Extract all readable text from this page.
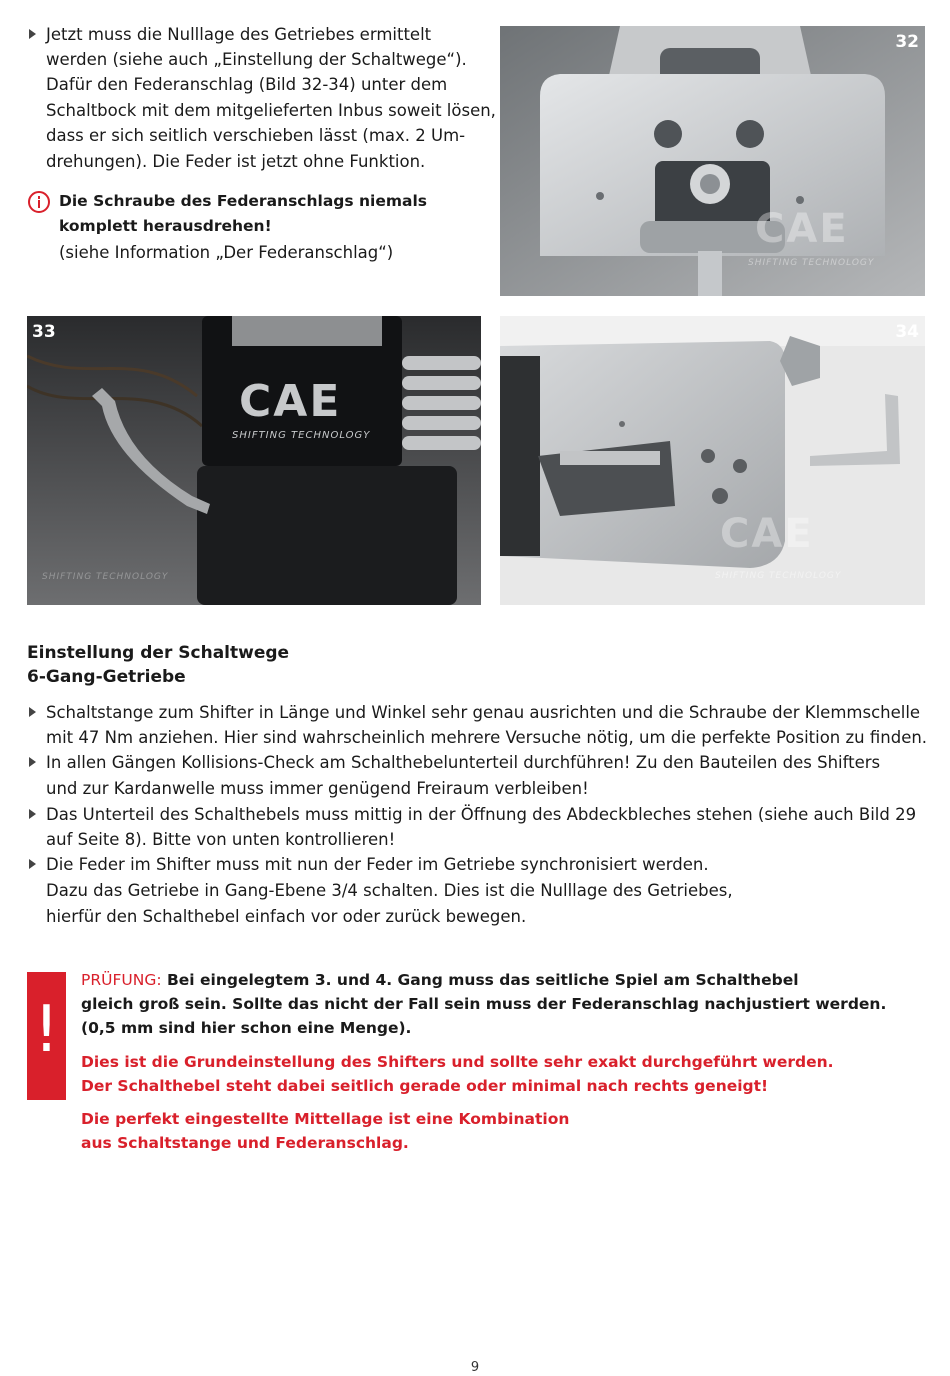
Jetzt muss die Nulllage des Getriebes ermittelt
werden (siehe auch „Einstellung der Schaltwege“).
Dafür den Federanschlag (Bild 32-34) unter dem
Schaltbock mit dem mitgelieferten Inbus soweit lösen,
dass er sich seitlich verschieben lässt (max. 2 Um-
drehungen). Die Feder ist jetzt ohne Funktion.
Die Schraube des Federanschlags niemals
komplett herausdrehen!
(siehe Information „Der Federanschlag“)
CAE
SHIFTING TECHNOLOGY
32
CAE
SHIFTING TECHNOLOGY
SHIFTING TECHNOLOGY
33
CAE
SHIFTING TECHNOLOGY
34
Einstellung der Schaltwege
6-Gang-Getriebe
Schaltstange zum Shifter in Länge und Winkel sehr genau ausrichten und die Schraube der Klemmschelle
mit 47 Nm anziehen. Hier sind wahrscheinlich mehrere Versuche nötig, um die perfekte Position zu finden.
In allen Gängen Kollisions-Check am Schalthebelunterteil durchführen! Zu den Bauteilen des Shifters
und zur Kardanwelle muss immer genügend Freiraum verbleiben!
Das Unterteil des Schalthebels muss mittig in der Öffnung des Abdeckbleches stehen (siehe auch Bild 29
auf Seite 8). Bitte von unten kontrollieren!
Die Feder im Shifter muss mit nun der Feder im Getriebe synchronisiert werden.
Dazu das Getriebe in Gang-Ebene 3/4 schalten. Dies ist die Nulllage des Getriebes,
hierfür den Schalthebel einfach vor oder zurück bewegen.
!
PRÜFUNG: Bei eingelegtem 3. und 4. Gang muss das seitliche Spiel am Schalthebel
gleich groß sein. Sollte das nicht der Fall sein muss der Federanschlag nachjustiert werden.
(0,5 mm sind hier schon eine Menge).
Dies ist die Grundeinstellung des Shifters und sollte sehr exakt durchgeführt werden.
Der Schalthebel steht dabei seitlich gerade oder minimal nach rechts geneigt!
Die perfekt eingestellte Mittellage ist eine Kombination
aus Schaltstange und Federanschlag.
9
